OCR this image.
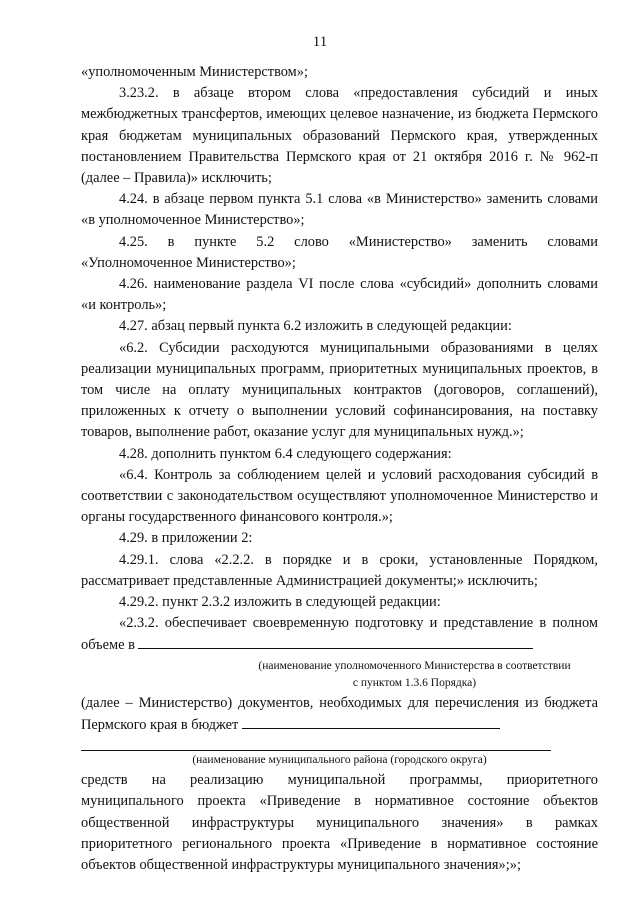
11

«уполномоченным Министерством»;

3.23.2. в абзаце втором слова «предоставления субсидий и иных межбюджетных трансфертов, имеющих целевое назначение, из бюджета Пермского края бюджетам муниципальных образований Пермского края, утвержденных постановлением Правительства Пермского края от 21 октября 2016 г. № 962-п (далее – Правила)» исключить;

4.24. в абзаце первом пункта 5.1 слова «в Министерство» заменить словами «в уполномоченное Министерство»;

4.25. в пункте 5.2 слово «Министерство» заменить словами «Уполномоченное Министерство»;

4.26. наименование раздела VI после слова «субсидий» дополнить словами «и контроль»;

4.27. абзац первый пункта 6.2 изложить в следующей редакции:

«6.2. Субсидии расходуются муниципальными образованиями в целях реализации муниципальных программ, приоритетных муниципальных проектов, в том числе на оплату муниципальных контрактов (договоров, соглашений), приложенных к отчету о выполнении условий софинансирования, на поставку товаров, выполнение работ, оказание услуг для муниципальных нужд.»;

4.28. дополнить пунктом 6.4 следующего содержания:

«6.4. Контроль за соблюдением целей и условий расходования субсидий в соответствии с законодательством осуществляют уполномоченное Министерство и органы государственного финансового контроля.»;

4.29. в приложении 2:

4.29.1. слова «2.2.2. в порядке и в сроки, установленные Порядком, рассматривает представленные Администрацией документы;» исключить;

4.29.2. пункт 2.3.2 изложить в следующей редакции:

«2.3.2. обеспечивает своевременную подготовку и представление в полном объеме в

(наименование уполномоченного Министерства в соответствии
с пунктом 1.3.6 Порядка)

(далее – Министерство) документов, необходимых для перечисления из бюджета Пермского края в бюджет

(наименование муниципального района (городского округа)

средств на реализацию муниципальной программы, приоритетного муниципального проекта «Приведение в нормативное состояние объектов общественной инфраструктуры муниципального значения» в рамках приоритетного регионального проекта «Приведение в нормативное состояние объектов общественной инфраструктуры муниципального значения»;»;
